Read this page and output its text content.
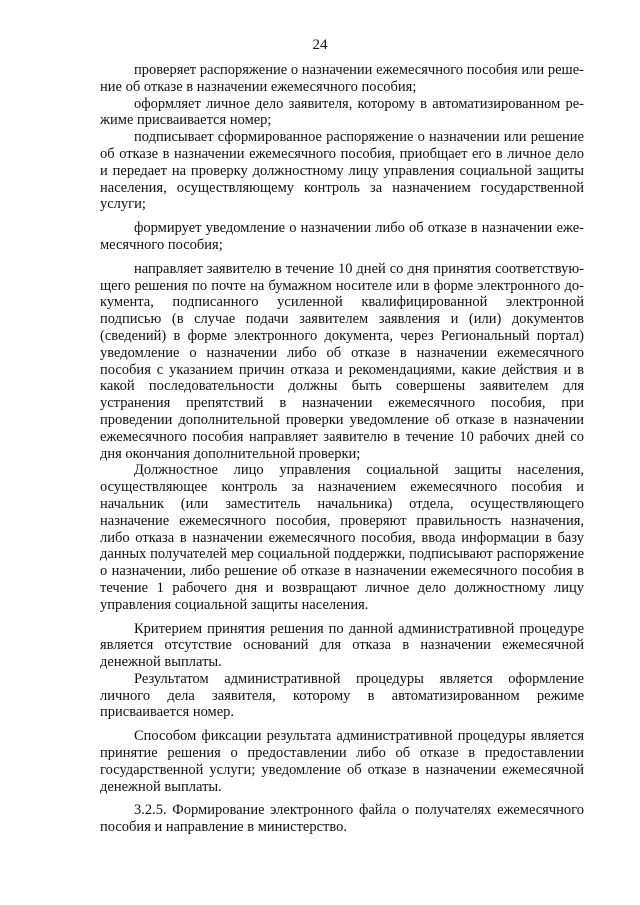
24

проверяет распоряжение о назначении ежемесячного пособия или решение об отказе в назначении ежемесячного пособия;

оформляет личное дело заявителя, которому в автоматизированном режиме присваивается номер;

подписывает сформированное распоряжение о назначении или решение об отказе в назначении ежемесячного пособия, приобщает его в личное дело и передает на проверку должностному лицу управления социальной защиты населения, осуществляющему контроль за назначением государственной услуги;

формирует уведомление о назначении либо об отказе в назначении ежемесячного пособия;

направляет заявителю в течение 10 дней со дня принятия соответствующего решения по почте на бумажном носителе или в форме электронного документа, подписанного усиленной квалифицированной электронной подписью (в случае подачи заявителем заявления и (или) документов (сведений) в форме электронного документа, через Региональный портал) уведомление о назначении либо об отказе в назначении ежемесячного пособия с указанием причин отказа и рекомендациями, какие действия и в какой последовательности должны быть совершены заявителем для устранения препятствий в назначении ежемесячного пособия, при проведении дополнительной проверки уведомление об отказе в назначении ежемесячного пособия направляет заявителю в течение 10 рабочих дней со дня окончания дополнительной проверки;

Должностное лицо управления социальной защиты населения, осуществляющее контроль за назначением ежемесячного пособия и начальник (или заместитель начальника) отдела, осуществляющего назначение ежемесячного пособия, проверяют правильность назначения, либо отказа в назначении ежемесячного пособия, ввода информации в базу данных получателей мер социальной поддержки, подписывают распоряжение о назначении, либо решение об отказе в назначении ежемесячного пособия в течение 1 рабочего дня и возвращают личное дело должностному лицу управления социальной защиты населения.

Критерием принятия решения по данной административной процедуре является отсутствие оснований для отказа в назначении ежемесячной денежной выплаты.

Результатом административной процедуры является оформление личного дела заявителя, которому в автоматизированном режиме присваивается номер.

Способом фиксации результата административной процедуры является принятие решения о предоставлении либо об отказе в предоставлении государственной услуги; уведомление об отказе в назначении ежемесячной денежной выплаты.

3.2.5. Формирование электронного файла о получателях ежемесячного пособия и направление в министерство.
